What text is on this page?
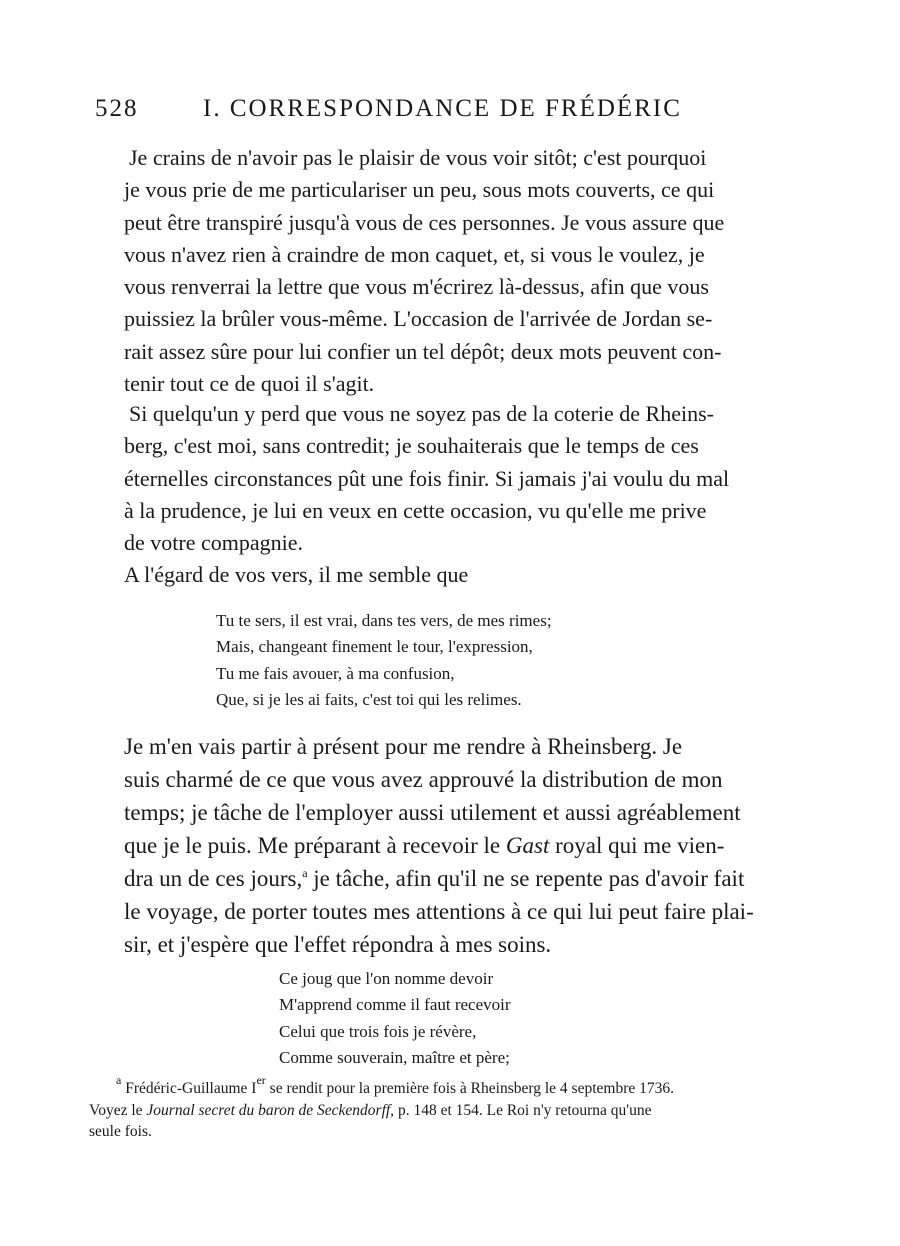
528	I. CORRESPONDANCE DE FRÉDÉRIC
Je crains de n'avoir pas le plaisir de vous voir sitôt; c'est pourquoi
je vous prie de me particulariser un peu, sous mots couverts, ce qui
peut être transpiré jusqu'à vous de ces personnes. Je vous assure que
vous n'avez rien à craindre de mon caquet, et, si vous le voulez, je
vous renverrai la lettre que vous m'écrirez là-dessus, afin que vous
puissiez la brûler vous-même. L'occasion de l'arrivée de Jordan se-
rait assez sûre pour lui confier un tel dépôt; deux mots peuvent con-
tenir tout ce de quoi il s'agit.
Si quelqu'un y perd que vous ne soyez pas de la coterie de Rheins-
berg, c'est moi, sans contredit; je souhaiterais que le temps de ces
éternelles circonstances pût une fois finir. Si jamais j'ai voulu du mal
à la prudence, je lui en veux en cette occasion, vu qu'elle me prive
de votre compagnie.
A l'égard de vos vers, il me semble que
Tu te sers, il est vrai, dans tes vers, de mes rimes;
Mais, changeant finement le tour, l'expression,
Tu me fais avouer, à ma confusion,
Que, si je les ai faits, c'est toi qui les relimes.
Je m'en vais partir à présent pour me rendre à Rheinsberg. Je
suis charmé de ce que vous avez approuvé la distribution de mon
temps; je tâche de l'employer aussi utilement et aussi agréablement
que je le puis. Me préparant à recevoir le Gast royal qui me vien-
dra un de ces jours,$^a$ je tâche, afin qu'il ne se repente pas d'avoir fait
le voyage, de porter toutes mes attentions à ce qui lui peut faire plai-
sir, et j'espère que l'effet répondra à mes soins.
Ce joug que l'on nomme devoir
M'apprend comme il faut recevoir
Celui que trois fois je révère,
Comme souverain, maître et père;
$^a$ Frédéric-Guillaume Ier se rendit pour la première fois à Rheinsberg le 4 septembre 1736.
Voyez le Journal secret du baron de Seckendorff, p. 148 et 154. Le Roi n'y retourna qu'une
seule fois.
